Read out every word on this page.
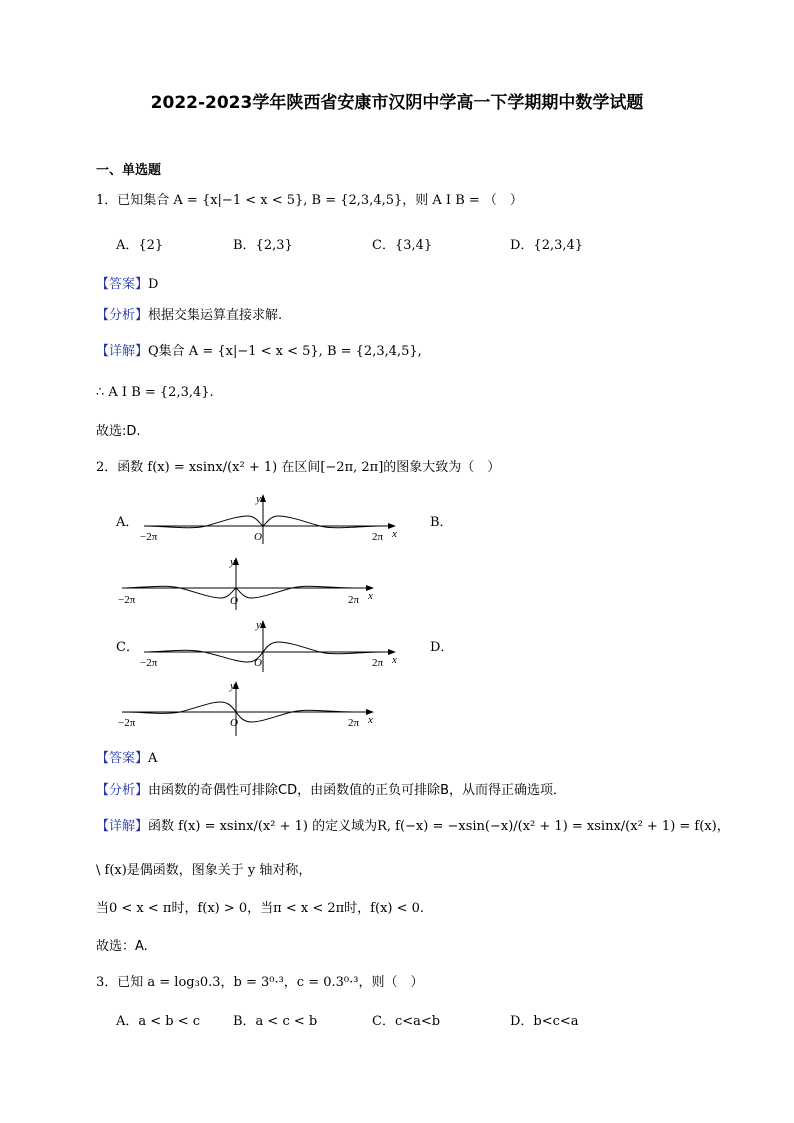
2022-2023学年陕西省安康市汉阴中学高一下学期期中数学试题
一、单选题
1．已知集合 A = {x|−1 < x < 5}, B = {2,3,4,5}，则 A I B = （　）
A．{2}	B．{2,3}	C．{3,4}	D．{2,3,4}
【答案】D
【分析】根据交集运算直接求解.
【详解】Q集合 A = {x|−1 < x < 5}, B = {2,3,4,5},
∴ A I B = {2,3,4}.
故选:D.
2．函数 f(x) = xsinx/(x² + 1) 在区间[−2π, 2π]的图象大致为（　）
A．	B．
C．	D．
−2π	2π x
y
O
−2π	2π x
y
O
−2π	2π x
y
O
−2π	2π x
y
O
【答案】A
【分析】由函数的奇偶性可排除CD，由函数值的正负可排除B，从而得正确选项．
【详解】函数 f(x) = xsinx/(x² + 1) 的定义域为R, f(−x) = −xsin(−x)/(x² + 1) = xsinx/(x² + 1) = f(x)，
\ f(x)是偶函数，图象关于 y 轴对称，
当0 < x < π时，f(x) > 0，当π < x < 2π时，f(x) < 0.
故选：A.
3．已知 a = log₃0.3，b = 3⁰·³，c = 0.3⁰·³，则（　）
A．a < b < c	B．a < c < b	C．c<a<b	D．b<c<a
